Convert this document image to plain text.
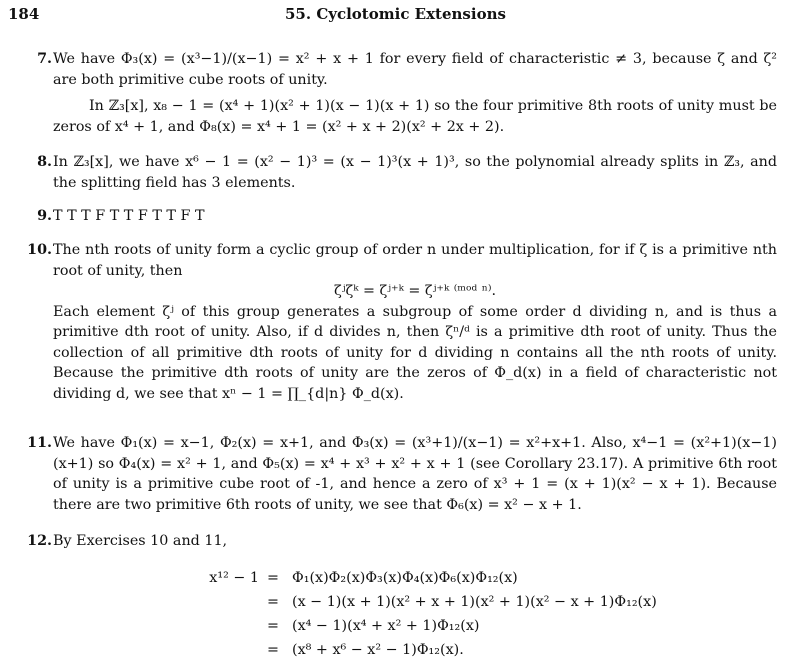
184	55. Cyclotomic Extensions
7. We have Φ₃(x) = (x³−1)/(x−1) = x² + x + 1 for every field of characteristic ≠ 3, because ζ and ζ² are both primitive cube roots of unity.

In ℤ₃[x], x₈ − 1 = (x⁴ + 1)(x² + 1)(x − 1)(x + 1) so the four primitive 8th roots of unity must be zeros of x⁴ + 1, and Φ₈(x) = x⁴ + 1 = (x² + x + 2)(x² + 2x + 2).

8. In ℤ₃[x], we have x⁶ − 1 = (x² − 1)³ = (x − 1)³(x + 1)³, so the polynomial already splits in ℤ₃, and the splitting field has 3 elements.

9. T T T F T T F T T F T

10. The nth roots of unity form a cyclic group of order n under multiplication, for if ζ is a primitive nth root of unity, then

ζʲζᵏ = ζʲ⁺ᵏ = ζʲ⁺ᵏ ⁽ᵐᵒᵈ ⁿ⁾.

Each element ζʲ of this group generates a subgroup of some order d dividing n, and is thus a primitive dth root of unity. Also, if d divides n, then ζⁿ/ᵈ is a primitive dth root of unity. Thus the collection of all primitive dth roots of unity for d dividing n contains all the nth roots of unity. Because the primitive dth roots of unity are the zeros of Φ_d(x) in a field of characteristic not dividing d, we see that xⁿ − 1 = ∏_{d|n} Φ_d(x).

11. We have Φ₁(x) = x−1, Φ₂(x) = x+1, and Φ₃(x) = (x³+1)/(x−1) = x²+x+1. Also, x⁴−1 = (x²+1)(x−1)(x+1) so Φ₄(x) = x² + 1, and Φ₅(x) = x⁴ + x³ + x² + x + 1 (see Corollary 23.17). A primitive 6th root of unity is a primitive cube root of -1, and hence a zero of x³ + 1 = (x + 1)(x² − x + 1). Because there are two primitive 6th roots of unity, we see that Φ₆(x) = x² − x + 1.

12. By Exercises 10 and 11,

x¹² − 1 = Φ₁(x)Φ₂(x)Φ₃(x)Φ₄(x)Φ₆(x)Φ₁₂(x)
= (x − 1)(x + 1)(x² + x + 1)(x² + 1)(x² − x + 1)Φ₁₂(x)
= (x⁴ − 1)(x⁴ + x² + 1)Φ₁₂(x)
= (x⁸ + x⁶ − x² − 1)Φ₁₂(x).
